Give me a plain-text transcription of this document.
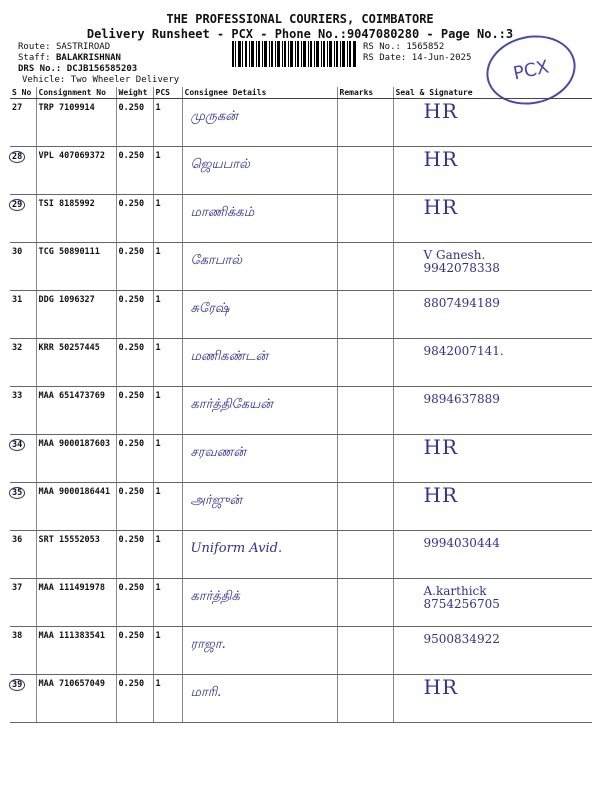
THE PROFESSIONAL COURIERS, COIMBATORE
Delivery Runsheet - PCX - Phone No.:9047080280 - Page No.:3
Route: SASTRIROAD
Staff: BALAKRISHNAN
DRS No.: DCJB156585203
Vehicle: Two Wheeler Delivery
RS No.: 1565852
RS Date: 14-Jun-2025	PCX
S No	Consignment No	Weight	PCS	Consignee Details	Remarks	Seal & Signature
27	TRP 7109914	0.250	1	முருகன்		HR

28	VPL 407069372	0.250	1	ஜெயபால்		HR

29	TSI 8185992	0.250	1	மாணிக்கம்		HR

30	TCG 50890111	0.250	1	கோபால்		V Ganesh.
9942078338

31	DDG 1096327	0.250	1	சுரேஷ்		8807494189

32	KRR 50257445	0.250	1	மணிகண்டன்		9842007141.

33	MAA 651473769	0.250	1	கார்த்திகேயன்		9894637889

34	MAA 9000187603	0.250	1	சரவணன்		HR

35	MAA 9000186441	0.250	1	அர்ஜுன்		HR

36	SRT 15552053	0.250	1	Uniform Avid.		9994030444

37	MAA 111491978	0.250	1	கார்த்திக்		A.karthick
8754256705

38	MAA 111383541	0.250	1	ராஜா.		9500834922

39	MAA 710657049	0.250	1	மாரி.		HR
